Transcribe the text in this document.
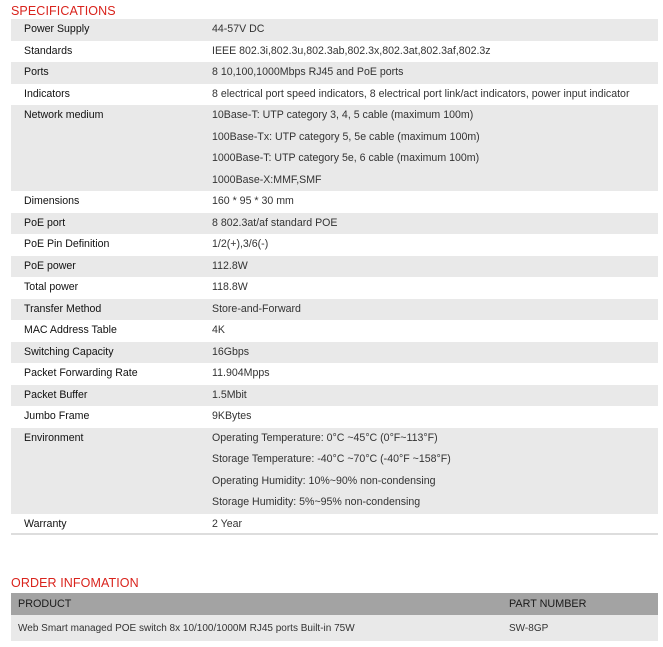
SPECIFICATIONS
Power Supply	44-57V DC

Standards	IEEE 802.3i,802.3u,802.3ab,802.3x,802.3at,802.3af,802.3z

Ports	8 10,100,1000Mbps RJ45 and PoE ports

Indicators	8 electrical port speed indicators, 8 electrical port link/act indicators, power input indicator

Network medium	10Base-T: UTP category 3, 4, 5 cable (maximum 100m)
100Base-Tx: UTP category 5, 5e cable (maximum 100m)
1000Base-T: UTP category 5e, 6 cable (maximum 100m)
1000Base-X:MMF,SMF

Dimensions	160 * 95 * 30 mm

PoE port	8 802.3at/af standard POE

PoE Pin Definition	1/2(+),3/6(-)

PoE power	112.8W

Total power	118.8W

Transfer Method	Store-and-Forward

MAC Address Table	4K

Switching Capacity	16Gbps

Packet Forwarding Rate	11.904Mpps

Packet Buffer	1.5Mbit

Jumbo Frame	9KBytes

Environment	Operating Temperature: 0°C ~45°C (0°F~113°F)
Storage Temperature: -40°C ~70°C (-40°F ~158°F)
Operating Humidity: 10%~90% non-condensing
Storage Humidity: 5%~95% non-condensing

Warranty	2 Year
ORDER INFOMATION
PRODUCT	PART NUMBER
Web Smart managed POE switch 8x 10/100/1000M RJ45 ports Built-in 75W	SW-8GP
